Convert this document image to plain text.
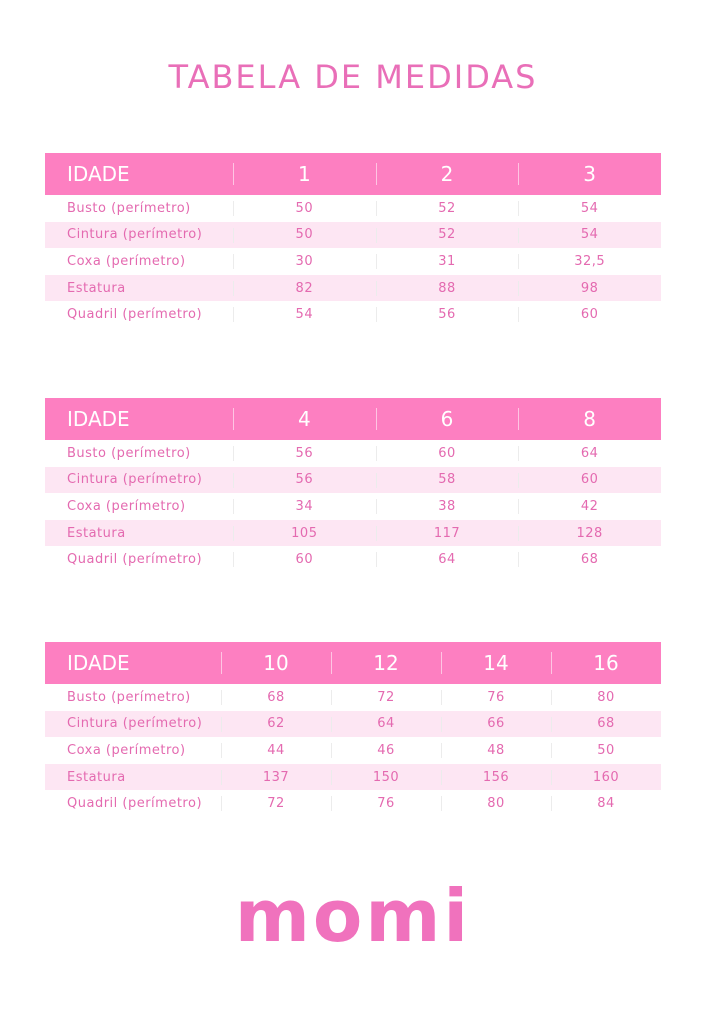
TABELA DE MEDIDAS
IDADE	1	2	3
Busto (perímetro)	50	52	54
Cintura (perímetro)	50	52	54
Coxa (perímetro)	30	31	32,5
Estatura	82	88	98
Quadril (perímetro)	54	56	60
IDADE	4	6	8
Busto (perímetro)	56	60	64
Cintura (perímetro)	56	58	60
Coxa (perímetro)	34	38	42
Estatura	105	117	128
Quadril (perímetro)	60	64	68
IDADE	10	12	14	16
Busto (perímetro)	68	72	76	80
Cintura (perímetro)	62	64	66	68
Coxa (perímetro)	44	46	48	50
Estatura	137	150	156	160
Quadril (perímetro)	72	76	80	84
momi
